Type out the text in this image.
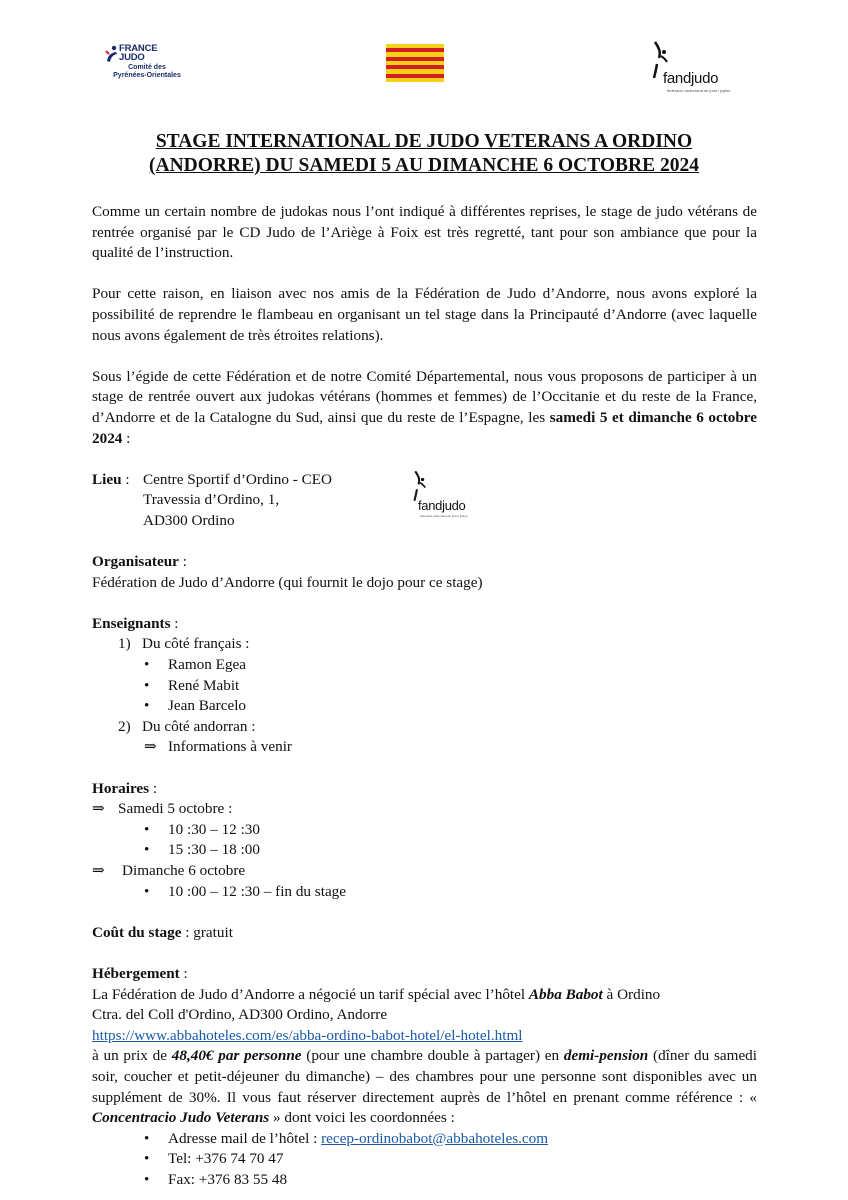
FRANCE
JUDO
Comité des
Pyrénées-Orientales	fandjudo
federació andorrana de judo i jujitsu
STAGE INTERNATIONAL DE JUDO VETERANS A ORDINO
(ANDORRE) DU SAMEDI 5 AU DIMANCHE 6 OCTOBRE 2024
fandjudo
federació andorrana de judo i jujitsu

Comme un certain nombre de judokas nous l’ont indiqué à différentes reprises, le stage de judo vétérans de rentrée organisé par le CD Judo de l’Ariège à Foix est très regretté, tant pour son ambiance que pour la qualité de l’instruction.

Pour cette raison, en liaison avec nos amis de la Fédération de Judo d’Andorre, nous avons exploré la possibilité de reprendre le flambeau en organisant un tel stage dans la Principauté d’Andorre (avec laquelle nous avons également de très étroites relations).

Sous l’égide de cette Fédération et de notre Comité Départemental, nous vous proposons de participer à un stage de rentrée ouvert aux judokas vétérans (hommes et femmes) de l’Occitanie et du reste de la France, d’Andorre et de la Catalogne du Sud, ainsi que du reste de l’Espagne, les samedi 5 et dimanche 6 octobre 2024 :

Lieu : Centre Sportif d’Ordino - CEO

Travessia d’Ordino, 1,

AD300 Ordino

Organisateur :

Fédération de Judo d’Andorre (qui fournit le dojo pour ce stage)

Enseignants :

1) Du côté français :

• Ramon Egea

• René Mabit

• Jean Barcelo

2) Du côté andorran :

⇒ Informations à venir

Horaires :

⇒ Samedi 5 octobre :

• 10 :30 – 12 :30

• 15 :30 – 18 :00

⇒ Dimanche 6 octobre

• 10 :00 – 12 :30 – fin du stage

Coût du stage : gratuit

Hébergement :

La Fédération de Judo d’Andorre a négocié un tarif spécial avec l’hôtel Abba Babot à Ordino

Ctra. del Coll d'Ordino, AD300 Ordino, Andorre

https://www.abbahoteles.com/es/abba-ordino-babot-hotel/el-hotel.html

à un prix de 48,40€ par personne (pour une chambre double à partager) en demi-pension (dîner du samedi soir, coucher et petit-déjeuner du dimanche) – des chambres pour une personne sont disponibles avec un supplément de 30%. Il vous faut réserver directement auprès de l’hôtel en prenant comme référence : « Concentracio Judo Veterans » dont voici les coordonnées :

• Adresse mail de l’hôtel : recep-ordinobabot@abbahoteles.com

• Tel: +376 74 70 47

• Fax: +376 83 55 48
